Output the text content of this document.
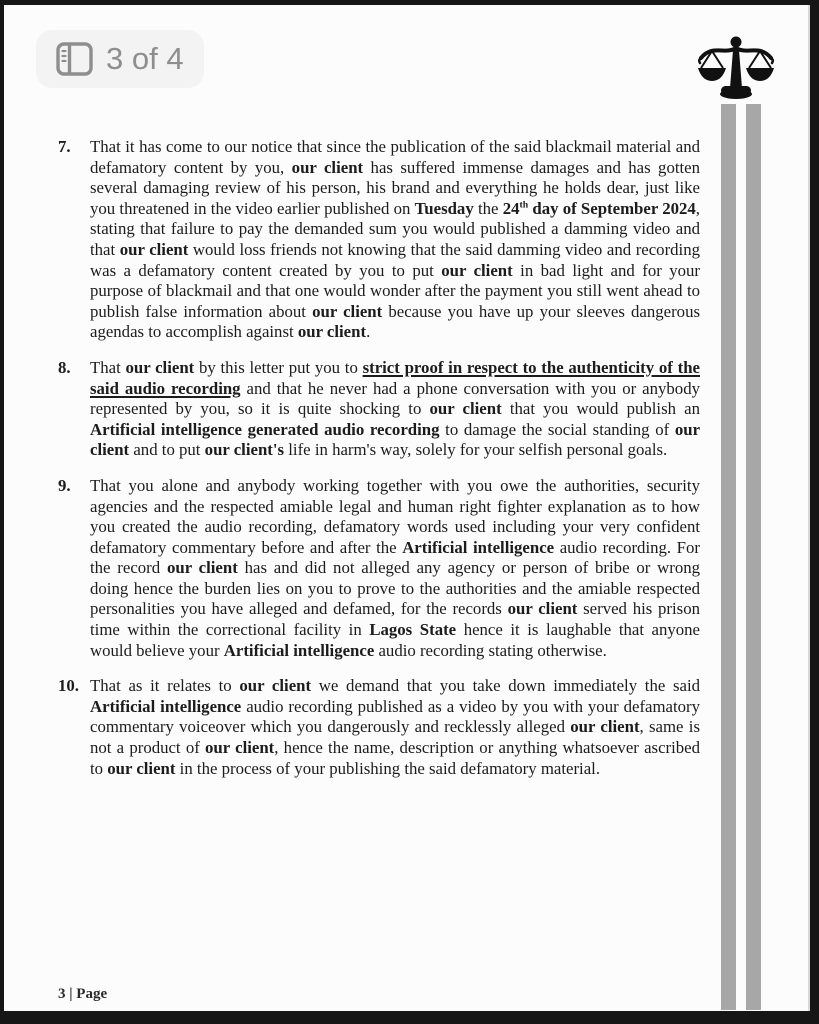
3 of 4
7.	That it has come to our notice that since the publication of the said blackmail material and defamatory content by you, our client has suffered immense damages and has gotten several damaging review of his person, his brand and everything he holds dear, just like you threatened in the video earlier published on Tuesday the 24th day of September 2024, stating that failure to pay the demanded sum you would published a damming video and that our client would loss friends not knowing that the said damming video and recording was a defamatory content created by you to put our client in bad light and for your purpose of blackmail and that one would wonder after the payment you still went ahead to publish false information about our client because you have up your sleeves dangerous agendas to accomplish against our client.

8.	That our client by this letter put you to strict proof in respect to the authenticity of the said audio recording and that he never had a phone conversation with you or anybody represented by you, so it is quite shocking to our client that you would publish an Artificial intelligence generated audio recording to damage the social standing of our client and to put our client's life in harm's way, solely for your selfish personal goals.

9.	That you alone and anybody working together with you owe the authorities, security agencies and the respected amiable legal and human right fighter explanation as to how you created the audio recording, defamatory words used including your very confident defamatory commentary before and after the Artificial intelligence audio recording. For the record our client has and did not alleged any agency or person of bribe or wrong doing hence the burden lies on you to prove to the authorities and the amiable respected personalities you have alleged and defamed, for the records our client served his prison time within the correctional facility in Lagos State hence it is laughable that anyone would believe your Artificial intelligence audio recording stating otherwise.

10. That as it relates to our client we demand that you take down immediately the said Artificial intelligence audio recording published as a video by you with your defamatory commentary voiceover which you dangerously and recklessly alleged our client, same is not a product of our client, hence the name, description or anything whatsoever ascribed to our client in the process of your publishing the said defamatory material.

3 | Page
